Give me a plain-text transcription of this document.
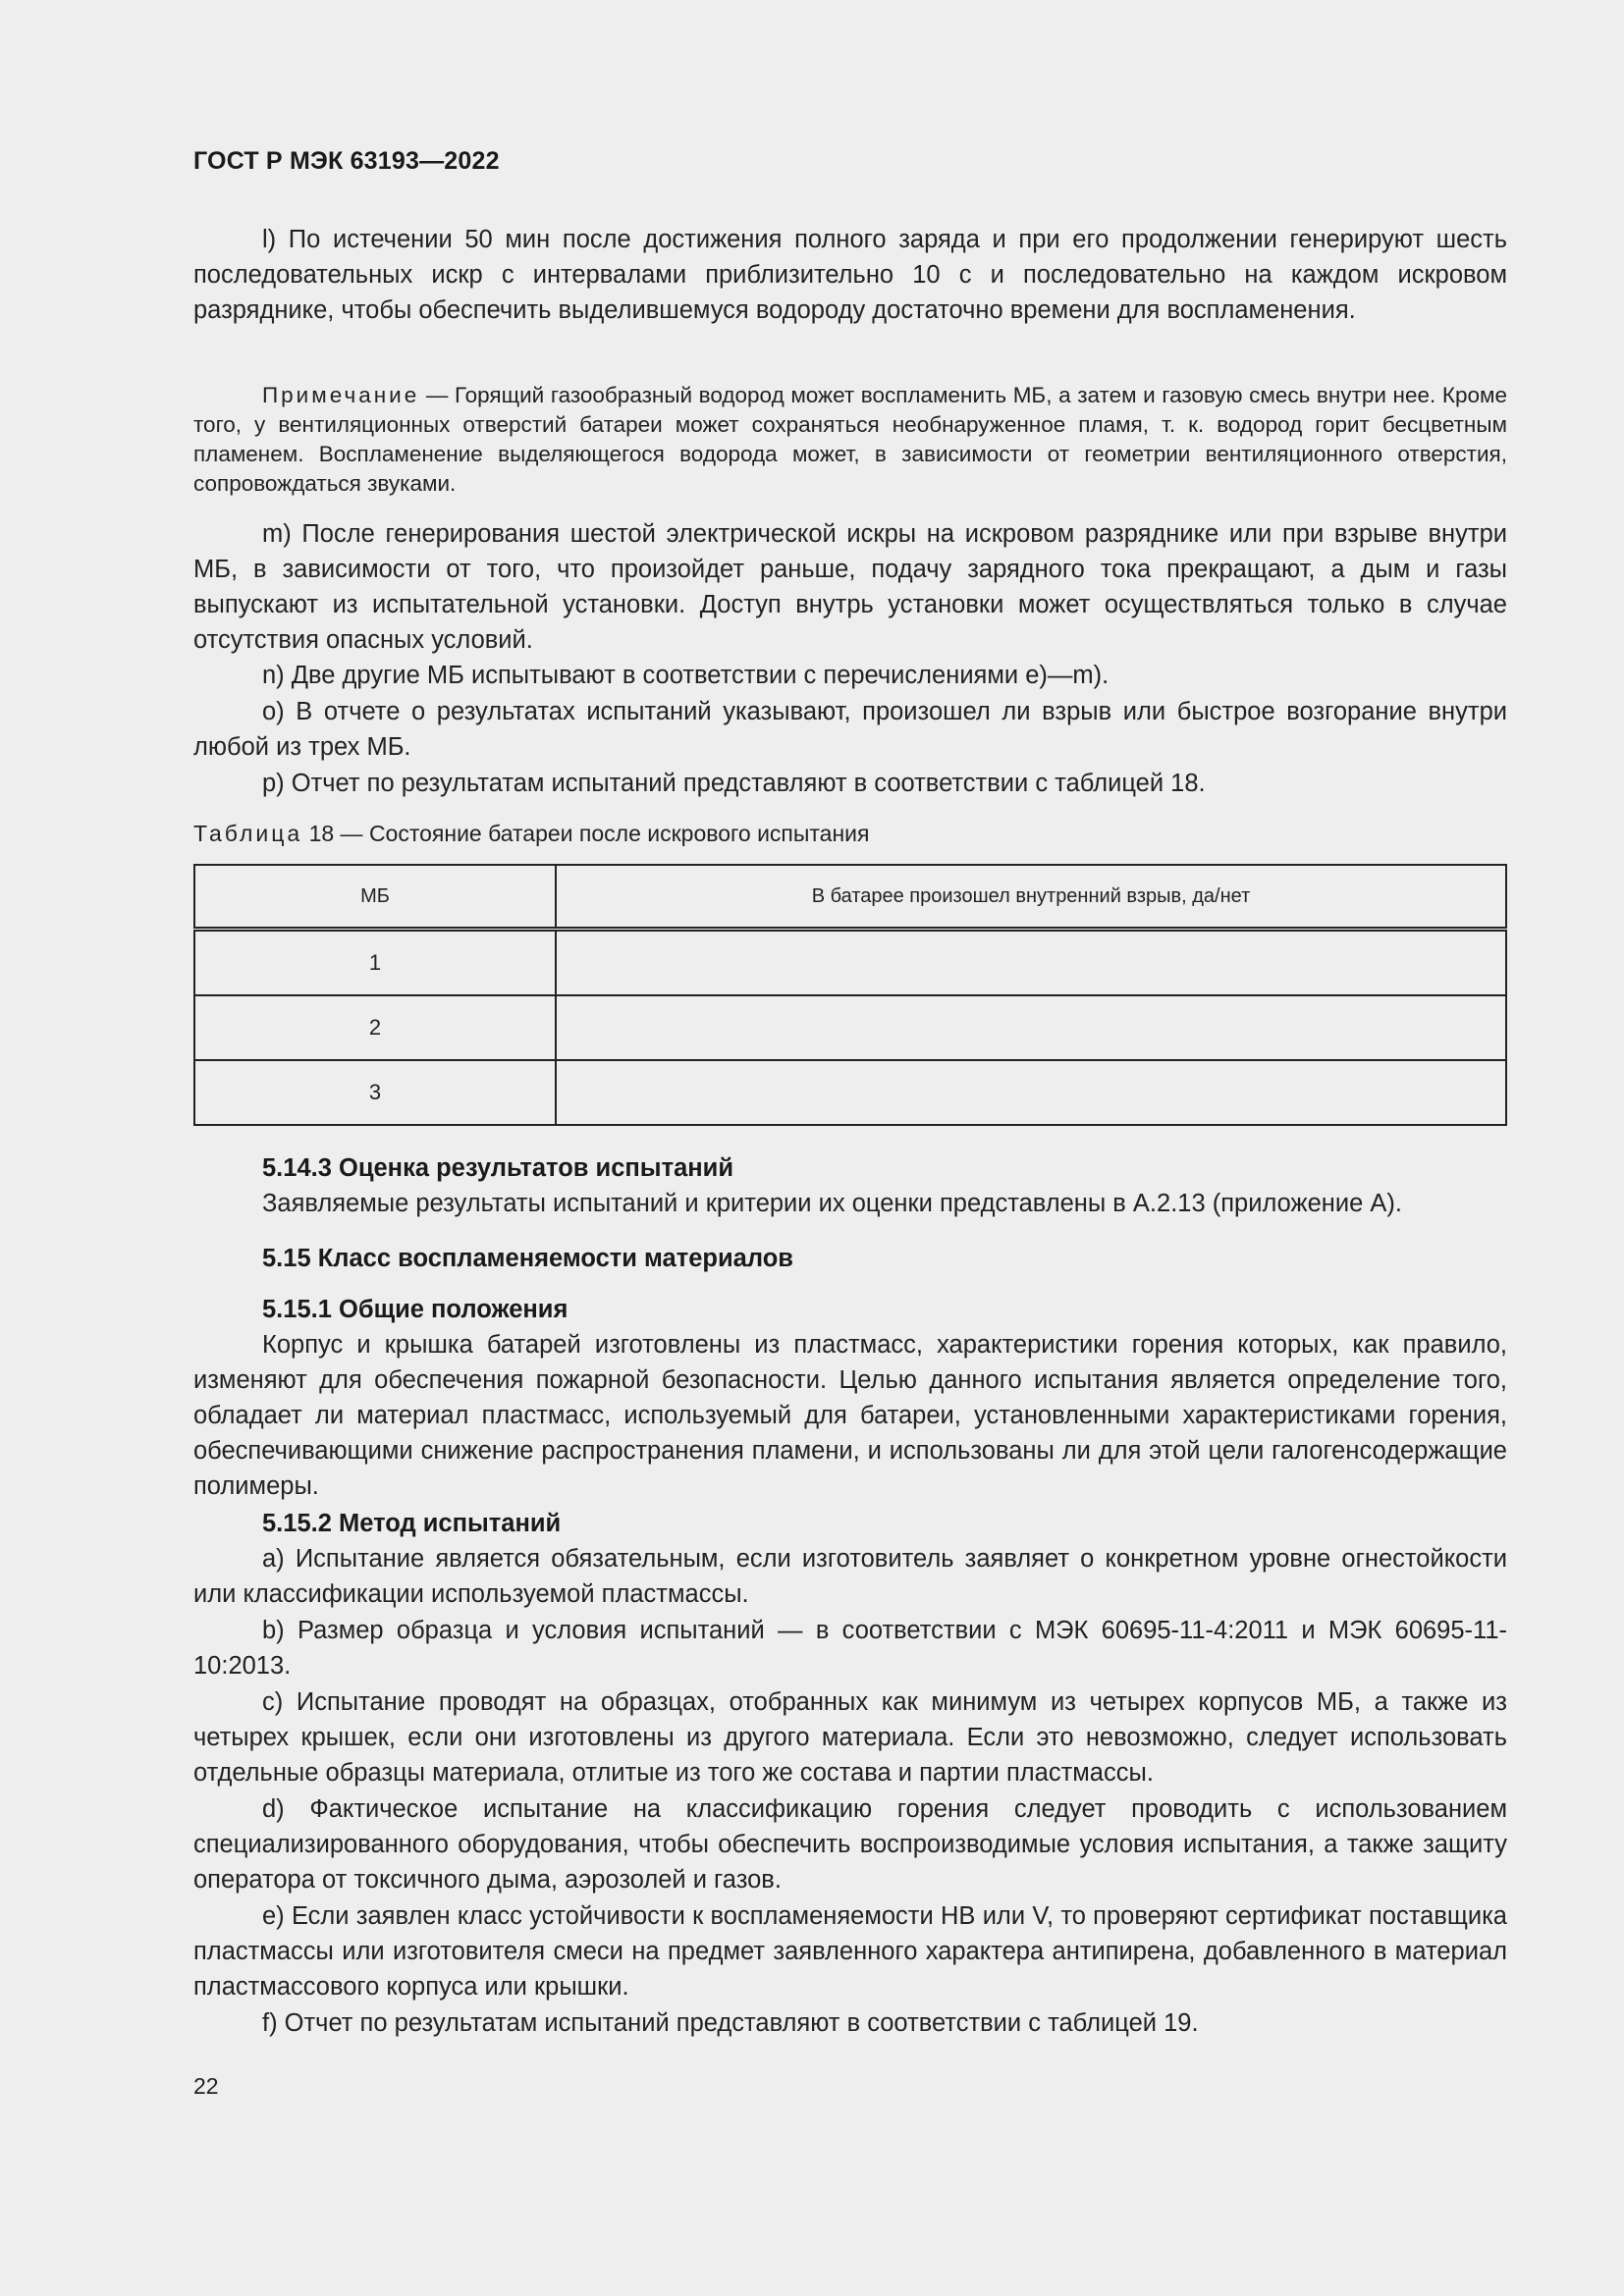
ГОСТ Р МЭК 63193—2022

l) По истечении 50 мин после достижения полного заряда и при его продолжении генерируют шесть последовательных искр с интервалами приблизительно 10 с и последовательно на каждом искровом разряднике, чтобы обеспечить выделившемуся водороду достаточно времени для воспламенения.

Примечание — Горящий газообразный водород может воспламенить МБ, а затем и газовую смесь внутри нее. Кроме того, у вентиляционных отверстий батареи может сохраняться необнаруженное пламя, т. к. водород горит бесцветным пламенем. Воспламенение выделяющегося водорода может, в зависимости от геометрии вентиляционного отверстия, сопровождаться звуками.

m) После генерирования шестой электрической искры на искровом разряднике или при взрыве внутри МБ, в зависимости от того, что произойдет раньше, подачу зарядного тока прекращают, а дым и газы выпускают из испытательной установки. Доступ внутрь установки может осуществляться только в случае отсутствия опасных условий.

n) Две другие МБ испытывают в соответствии с перечислениями е)—m).

o) В отчете о результатах испытаний указывают, произошел ли взрыв или быстрое возгорание внутри любой из трех МБ.

p) Отчет по результатам испытаний представляют в соответствии с таблицей 18.

Таблица 18 — Состояние батареи после искрового испытания
МБ	В батарее произошел внутренний взрыв, да/нет
1	
2	
3	
5.14.3 Оценка результатов испытаний

Заявляемые результаты испытаний и критерии их оценки представлены в А.2.13 (приложение А).

5.15 Класс воспламеняемости материалов
5.15.1 Общие положения

Корпус и крышка батарей изготовлены из пластмасс, характеристики горения которых, как правило, изменяют для обеспечения пожарной безопасности. Целью данного испытания является определение того, обладает ли материал пластмасс, используемый для батареи, установленными характеристиками горения, обеспечивающими снижение распространения пламени, и использованы ли для этой цели галогенсодержащие полимеры.

5.15.2 Метод испытаний

a) Испытание является обязательным, если изготовитель заявляет о конкретном уровне огнестойкости или классификации используемой пластмассы.

b) Размер образца и условия испытаний — в соответствии с МЭК 60695-11-4:2011 и МЭК 60695-11-10:2013.

c) Испытание проводят на образцах, отобранных как минимум из четырех корпусов МБ, а также из четырех крышек, если они изготовлены из другого материала. Если это невозможно, следует использовать отдельные образцы материала, отлитые из того же состава и партии пластмассы.

d) Фактическое испытание на классификацию горения следует проводить с использованием специализированного оборудования, чтобы обеспечить воспроизводимые условия испытания, а также защиту оператора от токсичного дыма, аэрозолей и газов.

e) Если заявлен класс устойчивости к воспламеняемости НВ или V, то проверяют сертификат поставщика пластмассы или изготовителя смеси на предмет заявленного характера антипирена, добавленного в материал пластмассового корпуса или крышки.

f) Отчет по результатам испытаний представляют в соответствии с таблицей 19.

22
